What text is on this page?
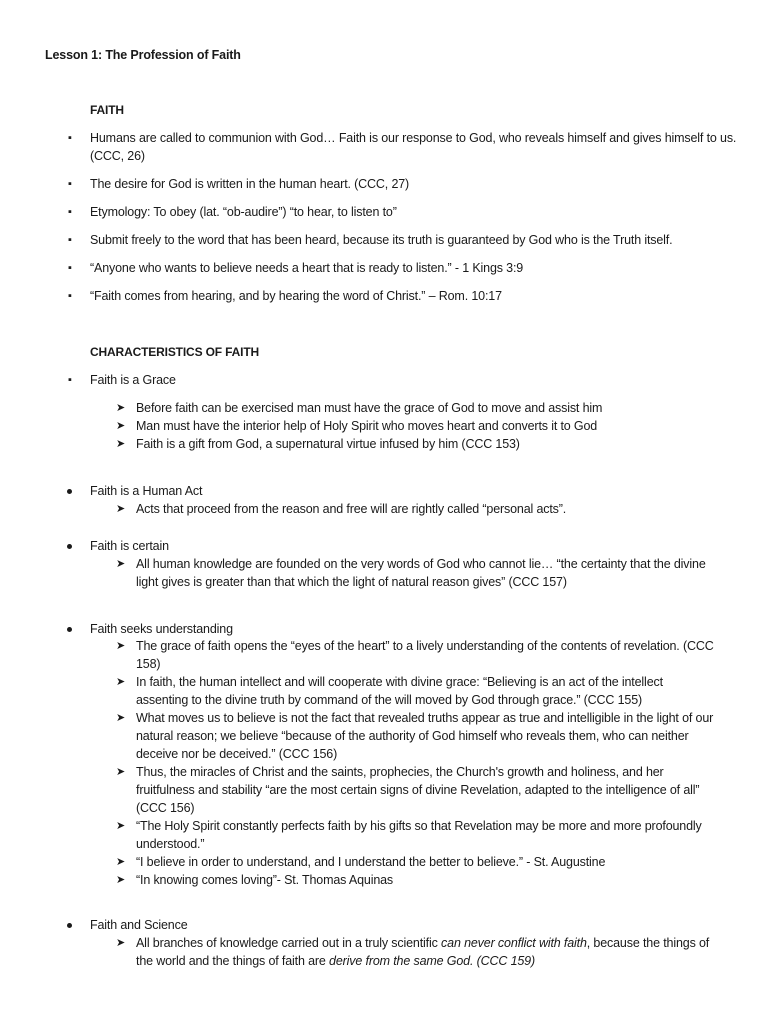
Lesson 1: The Profession of Faith
FAITH
▪ Humans are called to communion with God… Faith is our response to God, who reveals himself and gives himself to us.
(CCC, 26)
▪ The desire for God is written in the human heart. (CCC, 27)
▪ Etymology: To obey (lat. “ob-audire”) “to hear, to listen to”
▪ Submit freely to the word that has been heard, because its truth is guaranteed by God who is the Truth itself.
▪ “Anyone who wants to believe needs a heart that is ready to listen.” - 1 Kings 3:9
▪ “Faith comes from hearing, and by hearing the word of Christ.” – Rom. 10:17
CHARACTERISTICS OF FAITH
▪ Faith is a Grace
➤ Before faith can be exercised man must have the grace of God to move and assist him
➤ Man must have the interior help of Holy Spirit who moves heart and converts it to God
➤ Faith is a gift from God, a supernatural virtue infused by him (CCC 153)
Faith is a Human Act
➤ Acts that proceed from the reason and free will are rightly called “personal acts”.
Faith is certain
➤ All human knowledge are founded on the very words of God who cannot lie… “the certainty that the divine
light gives is greater than that which the light of natural reason gives” (CCC 157)
Faith seeks understanding
➤ The grace of faith opens the “eyes of the heart” to a lively understanding of the contents of revelation. (CCC
158)
➤ In faith, the human intellect and will cooperate with divine grace: “Believing is an act of the intellect
assenting to the divine truth by command of the will moved by God through grace.” (CCC 155)
➤ What moves us to believe is not the fact that revealed truths appear as true and intelligible in the light of our
natural reason; we believe “because of the authority of God himself who reveals them, who can neither
deceive nor be deceived.” (CCC 156)
➤ Thus, the miracles of Christ and the saints, prophecies, the Church's growth and holiness, and her
fruitfulness and stability “are the most certain signs of divine Revelation, adapted to the intelligence of all”
(CCC 156)
➤ “The Holy Spirit constantly perfects faith by his gifts so that Revelation may be more and more profoundly
understood.”
➤ “I believe in order to understand, and I understand the better to believe.” - St. Augustine
➤ “In knowing comes loving”- St. Thomas Aquinas
Faith and Science
➤ All branches of knowledge carried out in a truly scientific can never conflict with faith, because the things of
the world and the things of faith are derive from the same God. (CCC 159)
